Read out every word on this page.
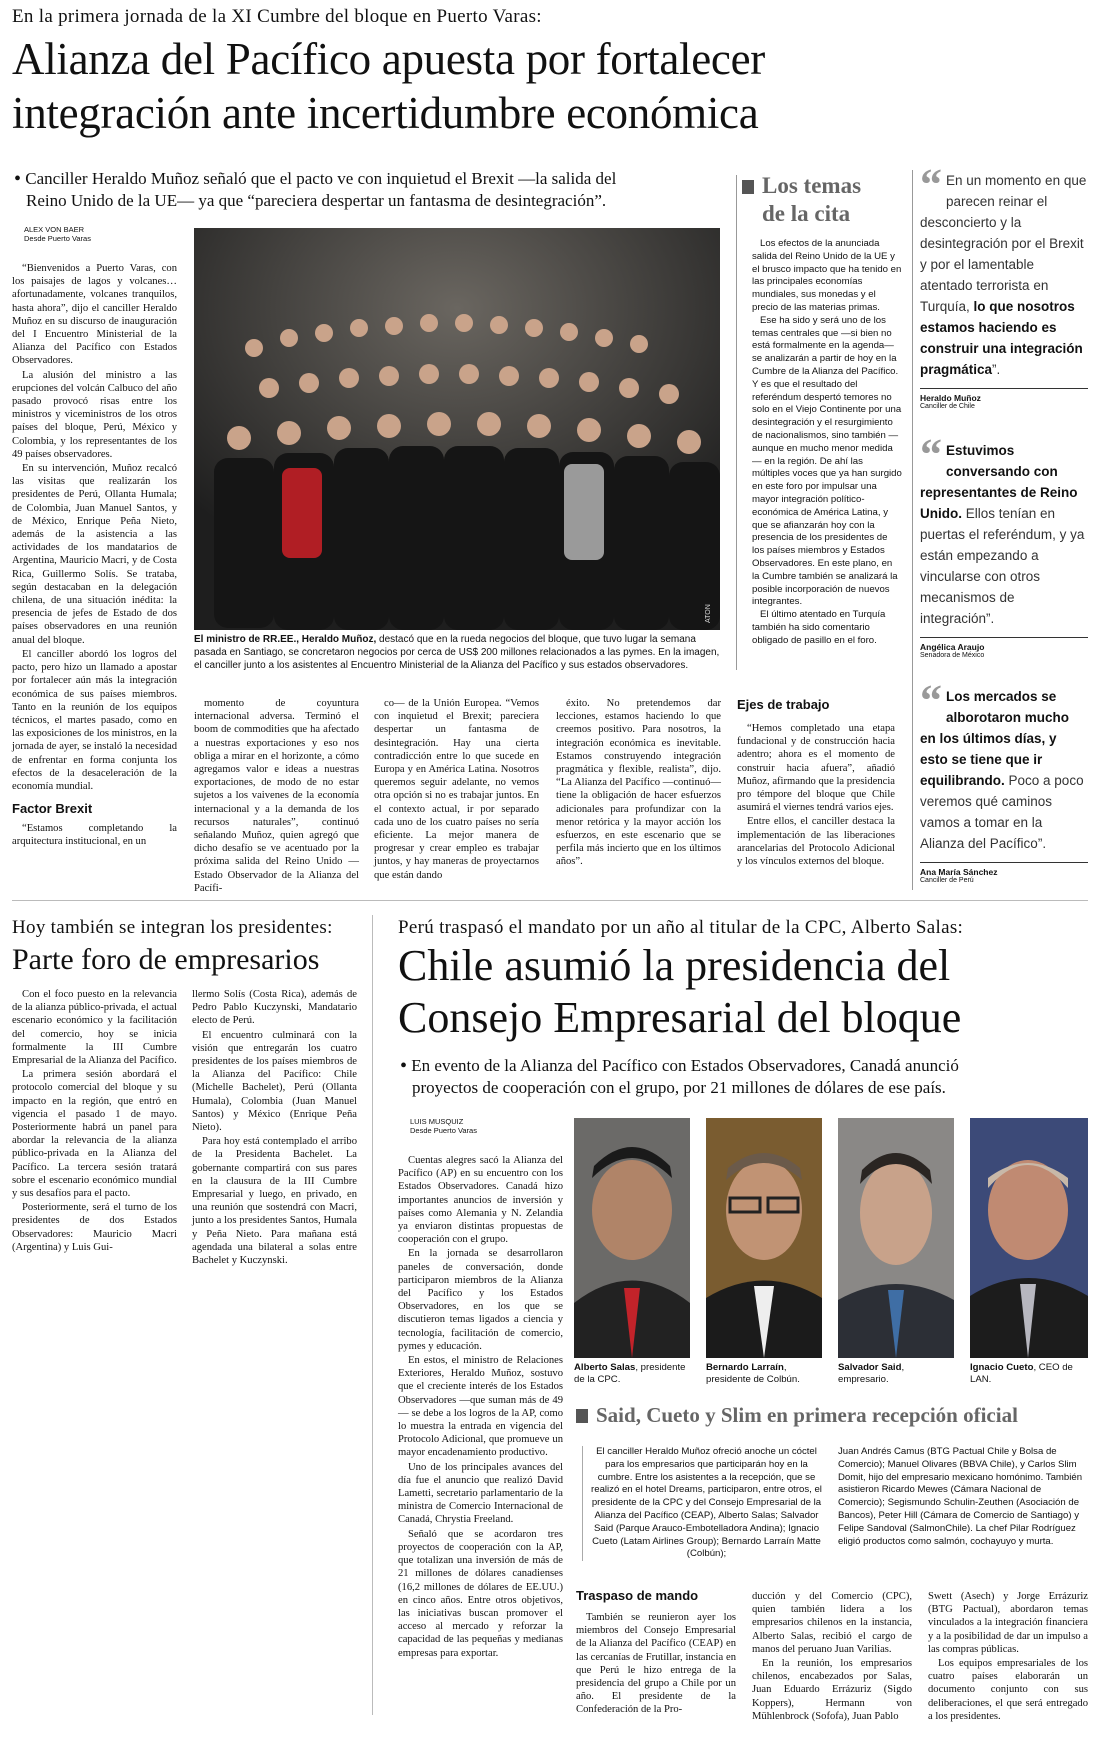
En la primera jornada de la XI Cumbre del bloque en Puerto Varas:
Alianza del Pacífico apuesta por fortalecer
integración ante incertidumbre económica
• Canciller Heraldo Muñoz señaló que el pacto ve con inquietud el Brexit —la salida del
Reino Unido de la UE— ya que “pareciera despertar un fantasma de desintegración”.
ALEX VON BAER
Desde Puerto Varas

“Bienvenidos a Puerto Varas, con los paisajes de lagos y volcanes… afortunadamente, volcanes tranquilos, hasta ahora”, dijo el canciller Heraldo Muñoz en su discurso de inauguración del I Encuentro Ministerial de la Alianza del Pacífico con Estados Observadores.

La alusión del ministro a las erupciones del volcán Calbuco del año pasado provocó risas entre los ministros y viceministros de los otros países del bloque, Perú, México y Colombia, y los representantes de los 49 países observadores.

En su intervención, Muñoz recalcó las visitas que realizarán los presidentes de Perú, Ollanta Humala; de Colombia, Juan Manuel Santos, y de México, Enrique Peña Nieto, además de la asistencia a las actividades de los mandatarios de Argentina, Mauricio Macri, y de Costa Rica, Guillermo Solís. Se trataba, según destacaban en la delegación chilena, de una situación inédita: la presencia de jefes de Estado de dos países observadores en una reunión anual del bloque.

El canciller abordó los logros del pacto, pero hizo un llamado a apostar por fortalecer aún más la integración económica de sus países miembros. Tanto en la reunión de los equipos técnicos, el martes pasado, como en las exposiciones de los ministros, en la jornada de ayer, se instaló la necesidad de enfrentar en forma conjunta los efectos de la desaceleración de la economía mundial.

Factor Brexit

“Estamos completando la arquitectura institucional, en un

ATON
El ministro de RR.EE., Heraldo Muñoz, destacó que en la rueda negocios del bloque, que tuvo lugar la semana pasada en Santiago, se concretaron negocios por cerca de US$ 200 millones relacionados a las pymes. En la imagen, el canciller junto a los asistentes al Encuentro Ministerial de la Alianza del Pacífico y sus estados observadores.

momento de coyuntura internacional adversa. Terminó el boom de commodities que ha afectado a nuestras exportaciones y eso nos obliga a mirar en el horizonte, a cómo agregamos valor e ideas a nuestras exportaciones, de modo de no estar sujetos a los vaivenes de la economía internacional y a la demanda de los recursos naturales”, continuó señalando Muñoz, quien agregó que dicho desafío se ve acentuado por la próxima salida del Reino Unido —Estado Observador de la Alianza del Pacífi-

co— de la Unión Europea. “Vemos con inquietud el Brexit; pareciera despertar un fantasma de desintegración. Hay una cierta contradicción entre lo que sucede en Europa y en América Latina. Nosotros queremos seguir adelante, no vemos otra opción si no es trabajar juntos. En el contexto actual, ir por separado cada uno de los cuatro países no sería eficiente. La mejor manera de progresar y crear empleo es trabajar juntos, y hay maneras de proyectarnos que están dando

éxito. No pretendemos dar lecciones, estamos haciendo lo que creemos positivo. Para nosotros, la integración económica es inevitable. Estamos construyendo integración pragmática y flexible, realista”, dijo. “La Alianza del Pacífico —continuó— tiene la obligación de hacer esfuerzos adicionales para profundizar con la menor retórica y la mayor acción los esfuerzos, en este escenario que se perfila más incierto que en los últimos años”.

Ejes de trabajo

“Hemos completado una etapa fundacional y de construcción hacia adentro; ahora es el momento de construir hacia afuera”, añadió Muñoz, afirmando que la presidencia pro témpore del bloque que Chile asumirá el viernes tendrá varios ejes.

Entre ellos, el canciller destaca la implementación de las liberaciones arancelarias del Protocolo Adicional y los vínculos externos del bloque.

Los temas
de la cita

Los efectos de la anunciada salida del Reino Unido de la UE y el brusco impacto que ha tenido en las principales economías mundiales, sus monedas y el precio de las materias primas.

Ese ha sido y será uno de los temas centrales que —si bien no está formalmente en la agenda— se analizarán a partir de hoy en la Cumbre de la Alianza del Pacífico. Y es que el resultado del referéndum despertó temores no solo en el Viejo Continente por una desintegración y el resurgimiento de nacionalismos, sino también —aunque en mucho menor medida— en la región. De ahí las múltiples voces que ya han surgido en este foro por impulsar una mayor integración político-económica de América Latina, y que se afianzarán hoy con la presencia de los presidentes de los países miembros y Estados Observadores. En este plano, en la Cumbre también se analizará la posible incorporación de nuevos integrantes.

El último atentado en Turquía también ha sido comentario obligado de pasillo en el foro.

“ En un momento en que parecen reinar el desconcierto y la desintegración por el Brexit y por el lamentable atentado terrorista en Turquía, lo que nosotros estamos haciendo es construir una integración pragmática”.
Heraldo Muñoz
Canciller de Chile
“ Estuvimos conversando con representantes de Reino Unido. Ellos tenían en puertas el referéndum, y ya están empezando a vincularse con otros mecanismos de integración”.
Angélica Araujo
Senadora de México
“ Los mercados se alborotaron mucho en los últimos días, y esto se tiene que ir equilibrando. Poco a poco veremos qué caminos vamos a tomar en la Alianza del Pacífico”.
Ana María Sánchez
Canciller de Perú
Hoy también se integran los presidentes:
Parte foro de empresarios

Con el foco puesto en la relevancia de la alianza público-privada, el actual escenario económico y la facilitación del comercio, hoy se inicia formalmente la III Cumbre Empresarial de la Alianza del Pacífico.

La primera sesión abordará el protocolo comercial del bloque y su impacto en la región, que entró en vigencia el pasado 1 de mayo. Posteriormente habrá un panel para abordar la relevancia de la alianza público-privada en la Alianza del Pacífico. La tercera sesión tratará sobre el escenario económico mundial y sus desafíos para el pacto.

Posteriormente, será el turno de los presidentes de dos Estados Observadores: Mauricio Macri (Argentina) y Luis Gui-

llermo Solís (Costa Rica), además de Pedro Pablo Kuczynski, Mandatario electo de Perú.

El encuentro culminará con la visión que entregarán los cuatro presidentes de los países miembros de la Alianza del Pacífico: Chile (Michelle Bachelet), Perú (Ollanta Humala), Colombia (Juan Manuel Santos) y México (Enrique Peña Nieto).

Para hoy está contemplado el arribo de la Presidenta Bachelet. La gobernante compartirá con sus pares en la clausura de la III Cumbre Empresarial y luego, en privado, en una reunión que sostendrá con Macri, junto a los presidentes Santos, Humala y Peña Nieto. Para mañana está agendada una bilateral a solas entre Bachelet y Kuczynski.

Perú traspasó el mandato por un año al titular de la CPC, Alberto Salas:
Chile asumió la presidencia del
Consejo Empresarial del bloque
• En evento de la Alianza del Pacífico con Estados Observadores, Canadá anunció
proyectos de cooperación con el grupo, por 21 millones de dólares de ese país.
LUIS MUSQUIZ
Desde Puerto Varas

Cuentas alegres sacó la Alianza del Pacífico (AP) en su encuentro con los Estados Observadores. Canadá hizo importantes anuncios de inversión y países como Alemania y N. Zelandia ya enviaron distintas propuestas de cooperación con el grupo.

En la jornada se desarrollaron paneles de conversación, donde participaron miembros de la Alianza del Pacífico y los Estados Observadores, en los que se discutieron temas ligados a ciencia y tecnología, facilitación de comercio, pymes y educación.

En estos, el ministro de Relaciones Exteriores, Heraldo Muñoz, sostuvo que el creciente interés de los Estados Observadores —que suman más de 49— se debe a los logros de la AP, como lo muestra la entrada en vigencia del Protocolo Adicional, que promueve un mayor encadenamiento productivo.

Uno de los principales avances del día fue el anuncio que realizó David Lametti, secretario parlamentario de la ministra de Comercio Internacional de Canadá, Chrystia Freeland.

Señaló que se acordaron tres proyectos de cooperación con la AP, que totalizan una inversión de más de 21 millones de dólares canadienses (16,2 millones de dólares de EE.UU.) en cinco años. Entre otros objetivos, las iniciativas buscan promover el acceso al mercado y reforzar la capacidad de las pequeñas y medianas empresas para exportar.

Alberto Salas, presidente de la CPC.
Bernardo Larraín, presidente de Colbún.
Salvador Said, empresario.
Ignacio Cueto, CEO de LAN.
Said, Cueto y Slim en primera recepción oficial

El canciller Heraldo Muñoz ofreció anoche un cóctel para los empresarios que participarán hoy en la cumbre. Entre los asistentes a la recepción, que se realizó en el hotel Dreams, participaron, entre otros, el presidente de la CPC y del Consejo Empresarial de la Alianza del Pacífico (CEAP), Alberto Salas; Salvador Said (Parque Arauco-Embotelladora Andina); Ignacio Cueto (Latam Airlines Group); Bernardo Larraín Matte (Colbún);

Juan Andrés Camus (BTG Pactual Chile y Bolsa de Comercio); Manuel Olivares (BBVA Chile), y Carlos Slim Domit, hijo del empresario mexicano homónimo. También asistieron Ricardo Mewes (Cámara Nacional de Comercio); Segismundo Schulin-Zeuthen (Asociación de Bancos), Peter Hill (Cámara de Comercio de Santiago) y Felipe Sandoval (SalmonChile). La chef Pilar Rodríguez eligió productos como salmón, cochayuyo y murta.

Traspaso de mando

También se reunieron ayer los miembros del Consejo Empresarial de la Alianza del Pacífico (CEAP) en las cercanías de Frutillar, instancia en que Perú le hizo entrega de la presidencia del grupo a Chile por un año. El presidente de la Confederación de la Pro-

ducción y del Comercio (CPC), quien también lidera a los empresarios chilenos en la instancia, Alberto Salas, recibió el cargo de manos del peruano Juan Varilias.

En la reunión, los empresarios chilenos, encabezados por Salas, Juan Eduardo Errázuriz (Sigdo Koppers), Hermann von Mühlenbrock (Sofofa), Juan Pablo

Swett (Asech) y Jorge Errázuriz (BTG Pactual), abordaron temas vinculados a la integración financiera y a la posibilidad de dar un impulso a las compras públicas.

Los equipos empresariales de los cuatro países elaborarán un documento conjunto con sus deliberaciones, el que será entregado a los presidentes.
